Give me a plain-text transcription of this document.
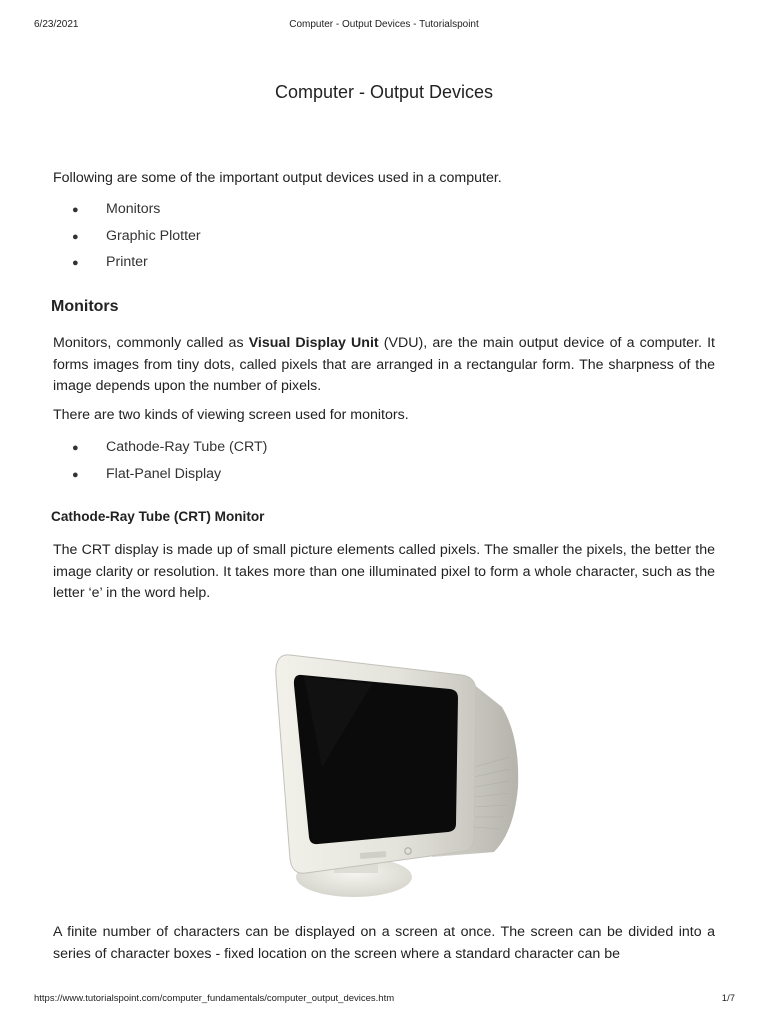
6/23/2021	Computer - Output Devices - Tutorialspoint
Computer - Output Devices

Following are some of the important output devices used in a computer.

● Monitors
● Graphic Plotter
● Printer
Monitors

Monitors, commonly called as Visual Display Unit (VDU), are the main output device of a computer. It forms images from tiny dots, called pixels that are arranged in a rectangular form. The sharpness of the image depends upon the number of pixels.

There are two kinds of viewing screen used for monitors.

● Cathode-Ray Tube (CRT)
● Flat-Panel Display
Cathode-Ray Tube (CRT) Monitor

The CRT display is made up of small picture elements called pixels. The smaller the pixels, the better the image clarity or resolution. It takes more than one illuminated pixel to form a whole character, such as the letter ‘e’ in the word help.

A finite number of characters can be displayed on a screen at once. The screen can be divided into a series of character boxes - fixed location on the screen where a standard character can be

https://www.tutorialspoint.com/computer_fundamentals/computer_output_devices.htm	1/7
